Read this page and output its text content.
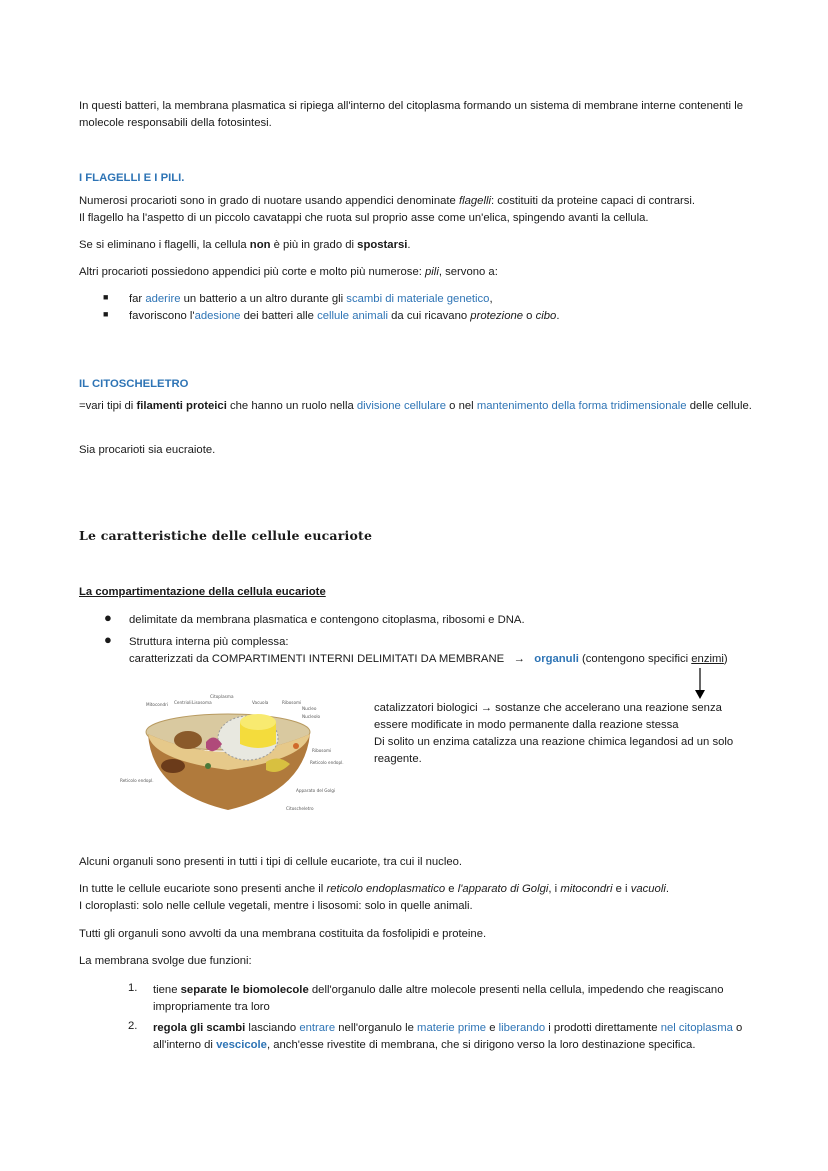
In questi batteri, la membrana plasmatica si ripiega all'interno del citoplasma formando un sistema di membrane interne contenenti le molecole responsabili della fotosintesi.

I FLAGELLI E I PILI.

Numerosi procarioti sono in grado di nuotare usando appendici denominate flagelli: costituiti da proteine capaci di contrarsi.
Il flagello ha l'aspetto di un piccolo cavatappi che ruota sul proprio asse come un'elica, spingendo avanti la cellula.

Se si eliminano i flagelli, la cellula non è più in grado di spostarsi.

Altri procarioti possiedono appendici più corte e molto più numerose: pili, servono a:

■ far aderire un batterio a un altro durante gli scambi di materiale genetico,
■ favoriscono l'adesione dei batteri alle cellule animali da cui ricavano protezione o cibo.
IL CITOSCHELETRO

=vari tipi di filamenti proteici che hanno un ruolo nella divisione cellulare o nel mantenimento della forma tridimensionale delle cellule.

Sia procarioti sia eucraiote.

Le caratteristiche delle cellule eucariote
La compartimentazione della cellula eucariote
● delimitate da membrana plasmatica e contengono citoplasma, ribosomi e DNA.
● Struttura interna più complessa:
caratterizzati da COMPARTIMENTI INTERNI DELIMITATI DA MEMBRANE → organuli (contengono specifici enzimi)
Citoplasma
Mitocondri Centrioli Lisosoma	Vacuola	Ribosomi
Nucleo
Nucleolo
Ribosomi
Reticolo endopl.
Reticolo endopl.
Apparato del Golgi
Citoscheletro
catalizzatori biologici → sostanze che accelerano una reazione senza
essere modificate in modo permanente dalla reazione stessa
Di solito un enzima catalizza una reazione chimica legandosi ad un solo reagente.

Alcuni organuli sono presenti in tutti i tipi di cellule eucariote, tra cui il nucleo.

In tutte le cellule eucariote sono presenti anche il reticolo endoplasmatico e l'apparato di Golgi, i mitocondri e i vacuoli.
I cloroplasti: solo nelle cellule vegetali, mentre i lisosomi: solo in quelle animali.

Tutti gli organuli sono avvolti da una membrana costituita da fosfolipidi e proteine.

La membrana svolge due funzioni:

1. tiene separate le biomolecole dell'organulo dalle altre molecole presenti nella cellula, impedendo che reagiscano impropriamente tra loro
2. regola gli scambi lasciando entrare nell'organulo le materie prime e liberando i prodotti direttamente nel citoplasma o all'interno di vescicole, anch'esse rivestite di membrana, che si dirigono verso la loro destinazione specifica.
